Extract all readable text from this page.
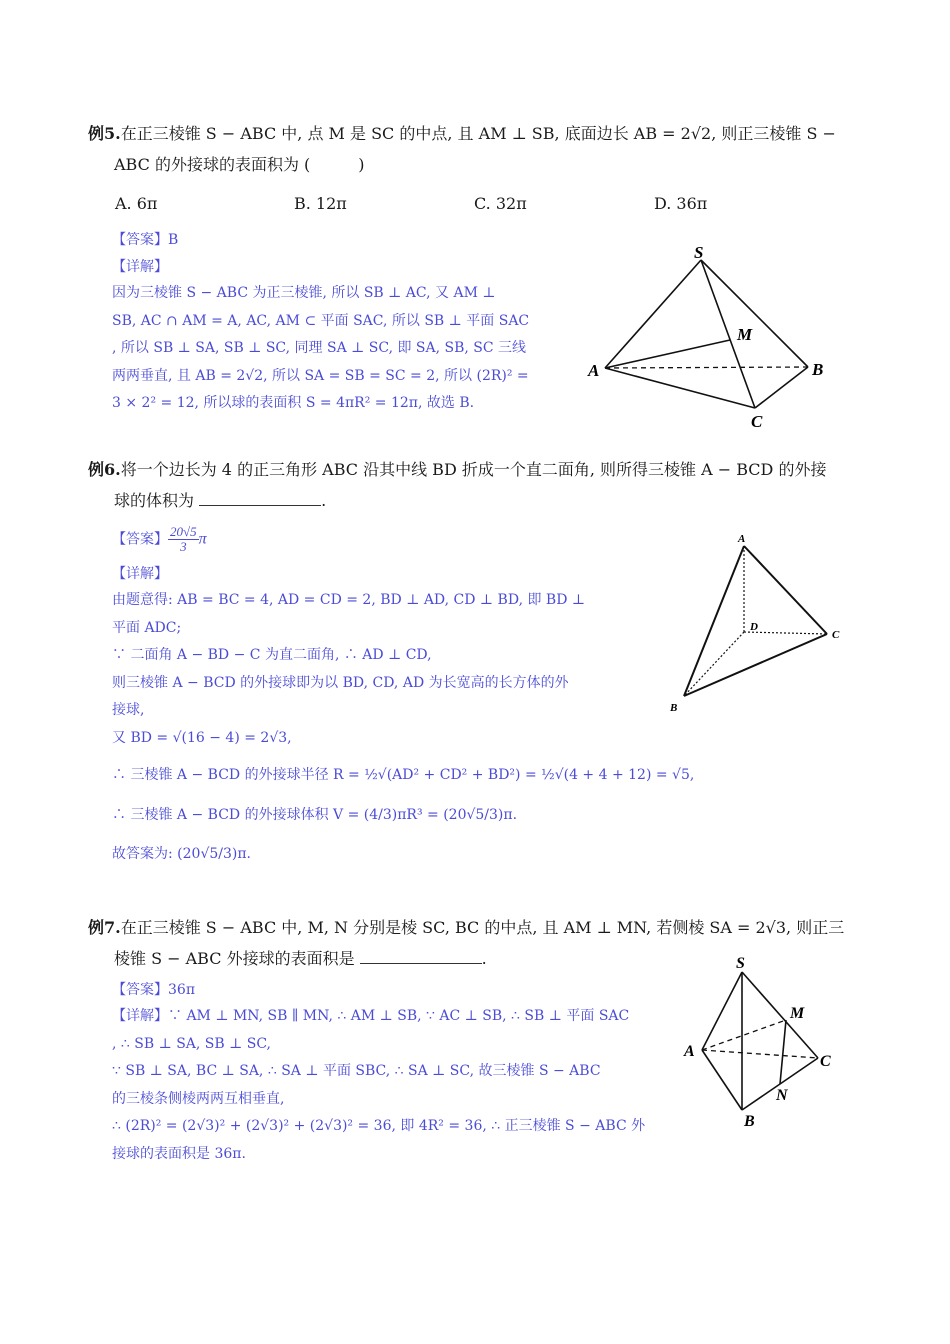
例5.在正三棱锥 S − ABC 中, 点 M 是 SC 的中点, 且 AM ⊥ SB, 底面边长 AB = 2√2, 则正三棱锥 S −
ABC 的外接球的表面积为 (　　　)
A. 6π	B. 12π	C. 32π	D. 36π
【答案】B
【详解】
因为三棱锥 S − ABC 为正三棱锥, 所以 SB ⊥ AC, 又 AM ⊥
SB, AC ∩ AM = A, AC, AM ⊂ 平面 SAC, 所以 SB ⊥ 平面 SAC
, 所以 SB ⊥ SA, SB ⊥ SC, 同理 SA ⊥ SC, 即 SA, SB, SC 三线
两两垂直, 且 AB = 2√2, 所以 SA = SB = SC = 2, 所以 (2R)² =
3 × 2² = 12, 所以球的表面积 S = 4πR² = 12π, 故选 B.
S
M
A	B
C
例6.将一个边长为 4 的正三角形 ABC 沿其中线 BD 折成一个直二面角, 则所得三棱锥 A − BCD 的外接
球的体积为	.
【答案】 $\frac{20√5}{3}$ π
【详解】
由题意得: AB = BC = 4, AD = CD = 2, BD ⊥ AD, CD ⊥ BD, 即 BD ⊥
平面 ADC;
∵ 二面角 A − BD − C 为直二面角, ∴ AD ⊥ CD,
则三棱锥 A − BCD 的外接球即为以 BD, CD, AD 为长宽高的长方体的外
接球,
又 BD = √(16 − 4) = 2√3,
∴ 三棱锥 A − BCD 的外接球半径 R = ½√(AD² + CD² + BD²) = ½√(4 + 4 + 12) = √5,
∴ 三棱锥 A − BCD 的外接球体积 V = (4/3)πR³ = (20√5/3)π.
故答案为: (20√5/3)π.
A
B
C
D
例7.在正三棱锥 S − ABC 中, M, N 分别是棱 SC, BC 的中点, 且 AM ⊥ MN, 若侧棱 SA = 2√3, 则正三
棱锥 S − ABC 外接球的表面积是	.
【答案】36π
【详解】∵ AM ⊥ MN, SB ∥ MN, ∴ AM ⊥ SB, ∵ AC ⊥ SB, ∴ SB ⊥ 平面 SAC
, ∴ SB ⊥ SA, SB ⊥ SC,
∵ SB ⊥ SA, BC ⊥ SA, ∴ SA ⊥ 平面 SBC, ∴ SA ⊥ SC, 故三棱锥 S − ABC
的三棱条侧棱两两互相垂直,
∴ (2R)² = (2√3)² + (2√3)² + (2√3)² = 36, 即 4R² = 36, ∴ 正三棱锥 S − ABC 外
接球的表面积是 36π.
S
M
A
C
N
B
